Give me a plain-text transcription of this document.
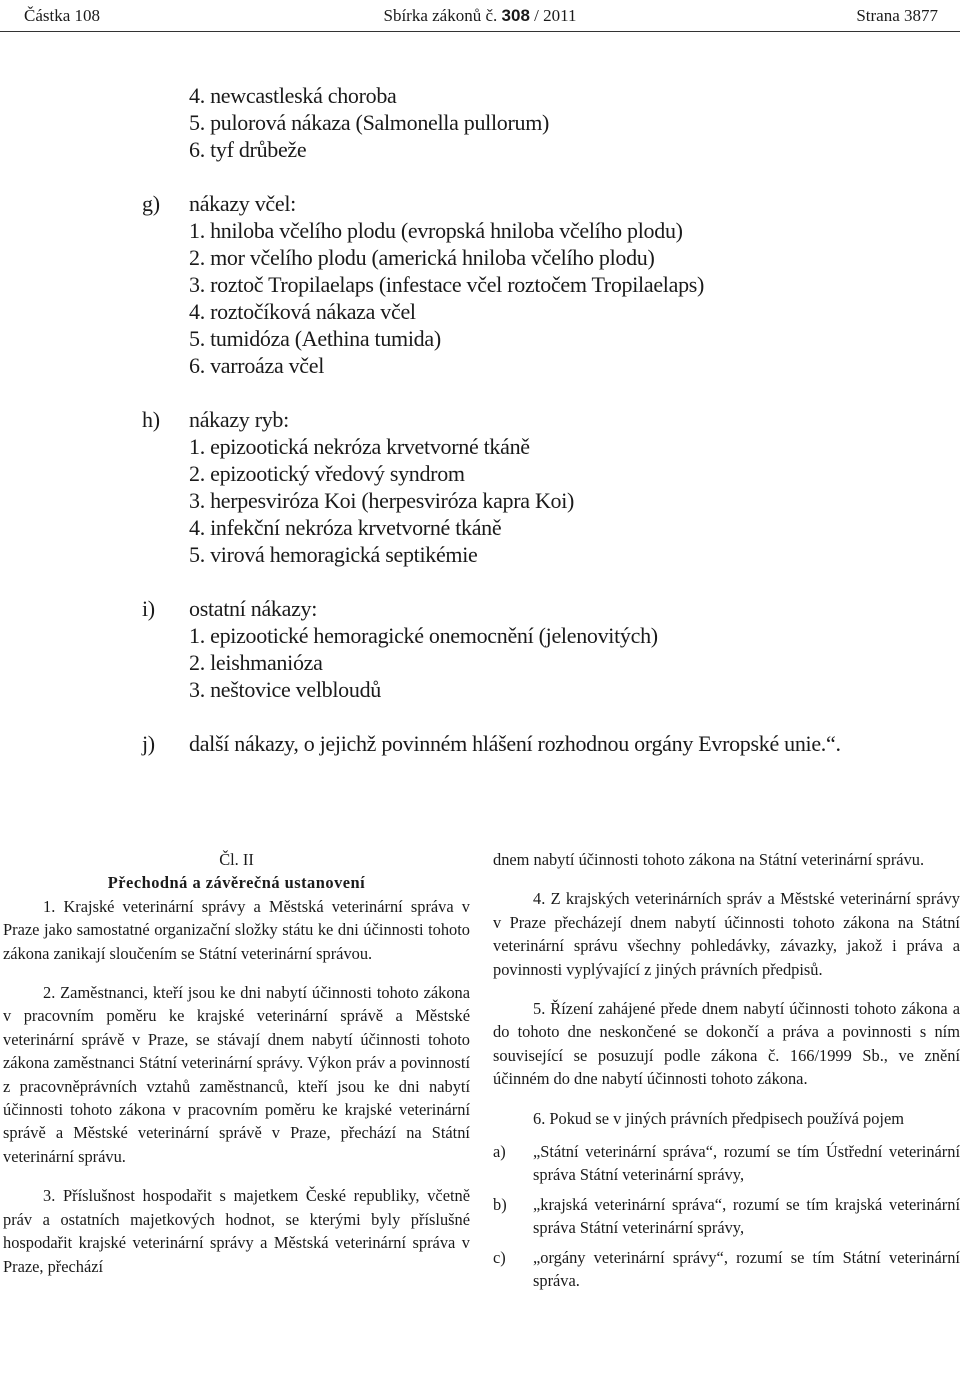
Částka 108	Sbírka zákonů č. 308 / 2011	Strana 3877
4. newcastleská choroba
5. pulorová nákaza (Salmonella pullorum)
6. tyf drůbeže
g) nákazy včel:
1. hniloba včelího plodu (evropská hniloba včelího plodu)
2. mor včelího plodu (americká hniloba včelího plodu)
3. roztoč Tropilaelaps (infestace včel roztočem Tropilaelaps)
4. roztočíková nákaza včel
5. tumidóza (Aethina tumida)
6. varroáza včel
h) nákazy ryb:
1. epizootická nekróza krvetvorné tkáně
2. epizootický vředový syndrom
3. herpesviróza Koi (herpesviróza kapra Koi)
4. infekční nekróza krvetvorné tkáně
5. virová hemoragická septikémie
i) ostatní nákazy:
1. epizootické hemoragické onemocnění (jelenovitých)
2. leishmanióza
3. neštovice velbloudů
j) další nákazy, o jejichž povinném hlášení rozhodnou orgány Evropské unie.“.

Čl. II

Přechodná a závěrečná ustanovení

1. Krajské veterinární správy a Městská veterinární správa v Praze jako samostatné organizační složky státu ke dni účinnosti tohoto zákona zanikají sloučením se Státní veterinární správou.

2. Zaměstnanci, kteří jsou ke dni nabytí účinnosti tohoto zákona v pracovním poměru ke krajské veterinární správě a Městské veterinární správě v Praze, se stávají dnem nabytí účinnosti tohoto zákona zaměstnanci Státní veterinární správy. Výkon práv a povinností z pracovněprávních vztahů zaměstnanců, kteří jsou ke dni nabytí účinnosti tohoto zákona v pracovním poměru ke krajské veterinární správě a Městské veterinární správě v Praze, přechází na Státní veterinární správu.

3. Příslušnost hospodařit s majetkem České republiky, včetně práv a ostatních majetkových hodnot, se kterými byly příslušné hospodařit krajské veterinární správy a Městská veterinární správa v Praze, přechází

dnem nabytí účinnosti tohoto zákona na Státní veterinární správu.

4. Z krajských veterinárních správ a Městské veterinární správy v Praze přecházejí dnem nabytí účinnosti tohoto zákona na Státní veterinární správu všechny pohledávky, závazky, jakož i práva a povinnosti vyplývající z jiných právních předpisů.

5. Řízení zahájené přede dnem nabytí účinnosti tohoto zákona a do tohoto dne neskončené se dokončí a práva a povinnosti s ním související se posuzují podle zákona č. 166/1999 Sb., ve znění účinném do dne nabytí účinnosti tohoto zákona.

6. Pokud se v jiných právních předpisech používá pojem

a)	„Státní veterinární správa“, rozumí se tím Ústřední veterinární správa Státní veterinární správy,
b)	„krajská veterinární správa“, rozumí se tím krajská veterinární správa Státní veterinární správy,
c)	„orgány veterinární správy“, rozumí se tím Státní veterinární správa.
